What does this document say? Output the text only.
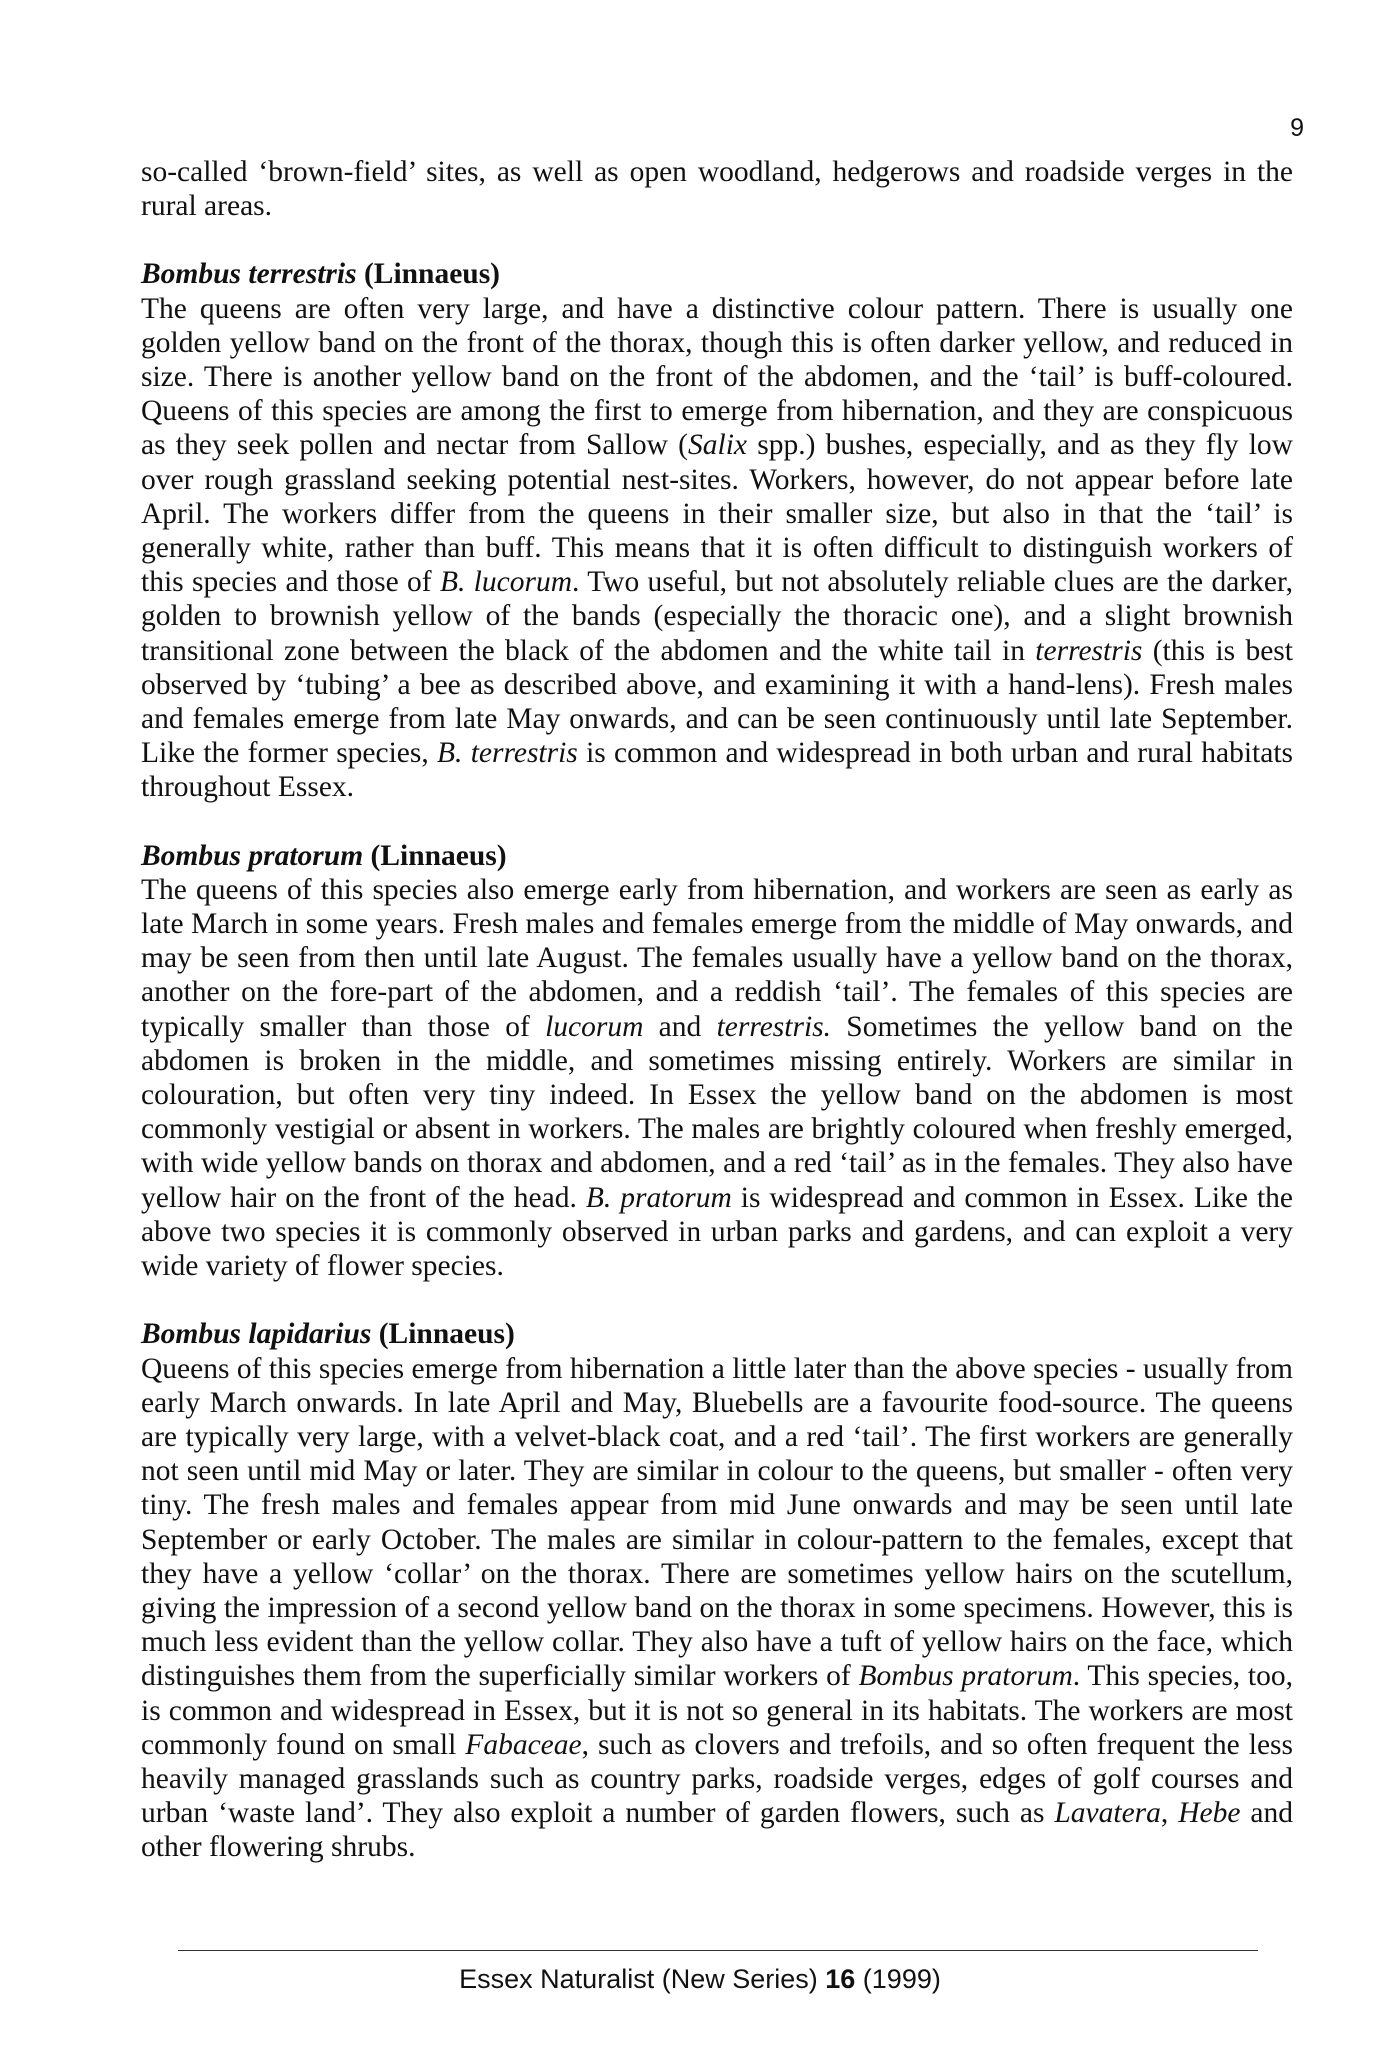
9

so-called ‘brown-field’ sites, as well as open woodland, hedgerows and roadside verges in the rural areas.

Bombus terrestris (Linnaeus)

The queens are often very large, and have a distinctive colour pattern. There is usually one golden yellow band on the front of the thorax, though this is often darker yellow, and reduced in size. There is another yellow band on the front of the abdomen, and the ‘tail’ is buff-coloured. Queens of this species are among the first to emerge from hibernation, and they are conspicuous as they seek pollen and nectar from Sallow (Salix spp.) bushes, especially, and as they fly low over rough grassland seeking potential nest-sites. Workers, however, do not appear before late April. The workers differ from the queens in their smaller size, but also in that the ‘tail’ is generally white, rather than buff. This means that it is often difficult to distinguish workers of this species and those of B. lucorum. Two useful, but not absolutely reliable clues are the darker, golden to brownish yellow of the bands (especially the thoracic one), and a slight brownish transitional zone between the black of the abdomen and the white tail in terrestris (this is best observed by ‘tubing’ a bee as described above, and examining it with a hand-lens). Fresh males and females emerge from late May onwards, and can be seen continuously until late September. Like the former species, B. terrestris is common and widespread in both urban and rural habitats throughout Essex.

Bombus pratorum (Linnaeus)

The queens of this species also emerge early from hibernation, and workers are seen as early as late March in some years. Fresh males and females emerge from the middle of May onwards, and may be seen from then until late August. The females usually have a yellow band on the thorax, another on the fore-part of the abdomen, and a reddish ‘tail’. The females of this species are typically smaller than those of lucorum and terrestris. Sometimes the yellow band on the abdomen is broken in the middle, and sometimes missing entirely. Workers are similar in colouration, but often very tiny indeed. In Essex the yellow band on the abdomen is most commonly vestigial or absent in workers. The males are brightly coloured when freshly emerged, with wide yellow bands on thorax and abdomen, and a red ‘tail’ as in the females. They also have yellow hair on the front of the head. B. pratorum is widespread and common in Essex. Like the above two species it is commonly observed in urban parks and gardens, and can exploit a very wide variety of flower species.

Bombus lapidarius (Linnaeus)

Queens of this species emerge from hibernation a little later than the above species - usually from early March onwards. In late April and May, Bluebells are a favourite food-source. The queens are typically very large, with a velvet-black coat, and a red ‘tail’. The first workers are generally not seen until mid May or later. They are similar in colour to the queens, but smaller - often very tiny. The fresh males and females appear from mid June onwards and may be seen until late September or early October. The males are similar in colour-pattern to the females, except that they have a yellow ‘collar’ on the thorax. There are sometimes yellow hairs on the scutellum, giving the impression of a second yellow band on the thorax in some specimens. However, this is much less evident than the yellow collar. They also have a tuft of yellow hairs on the face, which distinguishes them from the superficially similar workers of Bombus pratorum. This species, too, is common and widespread in Essex, but it is not so general in its habitats. The workers are most commonly found on small Fabaceae, such as clovers and trefoils, and so often frequent the less heavily managed grasslands such as country parks, roadside verges, edges of golf courses and urban ‘waste land’. They also exploit a number of garden flowers, such as Lavatera, Hebe and other flowering shrubs.

Essex Naturalist (New Series) 16 (1999)
